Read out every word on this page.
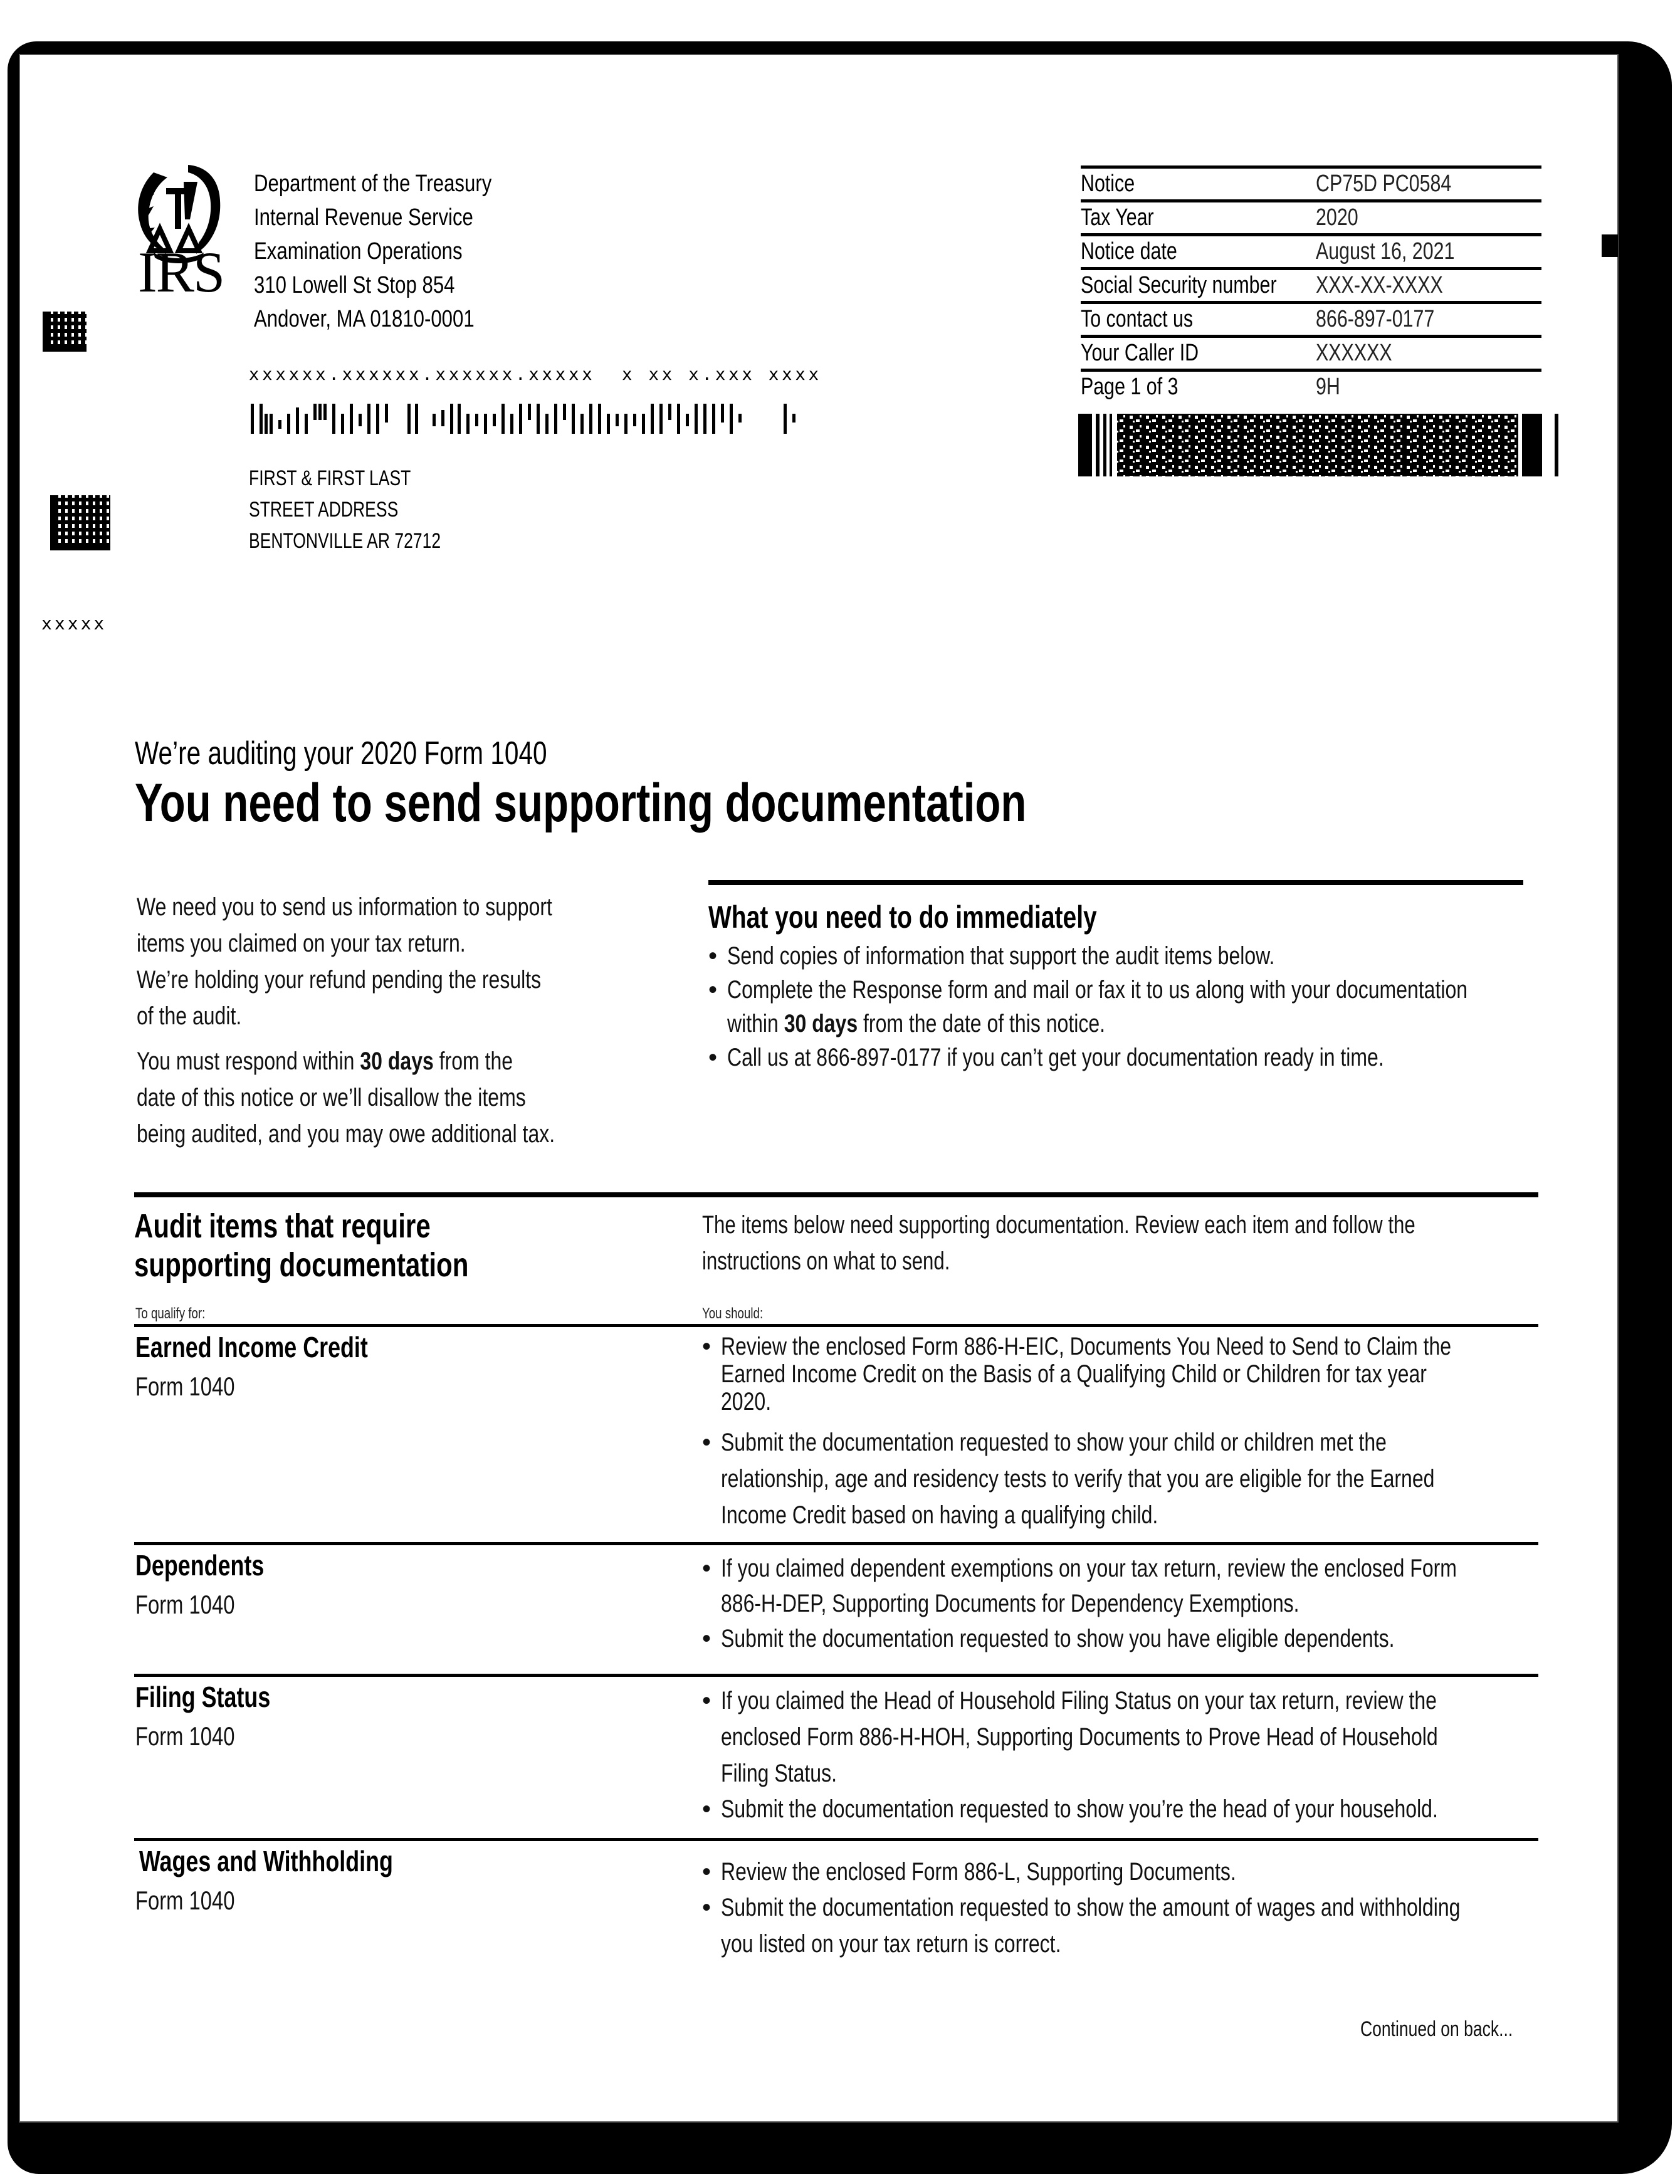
IRS
Department of the Treasury
Internal Revenue Service
Examination Operations
310 Lowell St Stop 854
Andover, MA 01810-0001
xxxxx
xxxxxx.xxxxxx.xxxxxx.xxxxx  x xx x.xxx xxxx
FIRST & FIRST LAST
STREET ADDRESS
BENTONVILLE AR 72712
Notice	CP75D PC0584
Tax Year	2020
Notice date	August 16, 2021
Social Security number	XXX-XX-XXXX
To contact us	866-897-0177
Your Caller ID	XXXXXX
Page 1 of 3	9H
We’re auditing your 2020 Form 1040
You need to send supporting documentation

We need you to send us information to support
items you claimed on your tax return.
We’re holding your refund pending the results
of the audit.

You must respond within 30 days from the
date of this notice or we’ll disallow the items
being audited, and you may owe additional tax.

What you need to do immediately
• Send copies of information that support the audit items below.
• Complete the Response form and mail or fax it to us along with your documentation
within 30 days from the date of this notice.
• Call us at 866-897-0177 if you can’t get your documentation ready in time.
Audit items that require
supporting documentation
The items below need supporting documentation. Review each item and follow the
instructions on what to send.
To qualify for:	You should:
Earned Income Credit
Form 1040
• Review the enclosed Form 886-H-EIC, Documents You Need to Send to Claim the
Earned Income Credit on the Basis of a Qualifying Child or Children for tax year
2020.
• Submit the documentation requested to show your child or children met the
relationship, age and residency tests to verify that you are eligible for the Earned
Income Credit based on having a qualifying child.
Dependents
Form 1040
• If you claimed dependent exemptions on your tax return, review the enclosed Form
886-H-DEP, Supporting Documents for Dependency Exemptions.
• Submit the documentation requested to show you have eligible dependents.
Filing Status
Form 1040
• If you claimed the Head of Household Filing Status on your tax return, review the
enclosed Form 886-H-HOH, Supporting Documents to Prove Head of Household
Filing Status.
• Submit the documentation requested to show you’re the head of your household.
Wages and Withholding
Form 1040
• Review the enclosed Form 886-L, Supporting Documents.
• Submit the documentation requested to show the amount of wages and withholding
you listed on your tax return is correct.
Continued on back...
